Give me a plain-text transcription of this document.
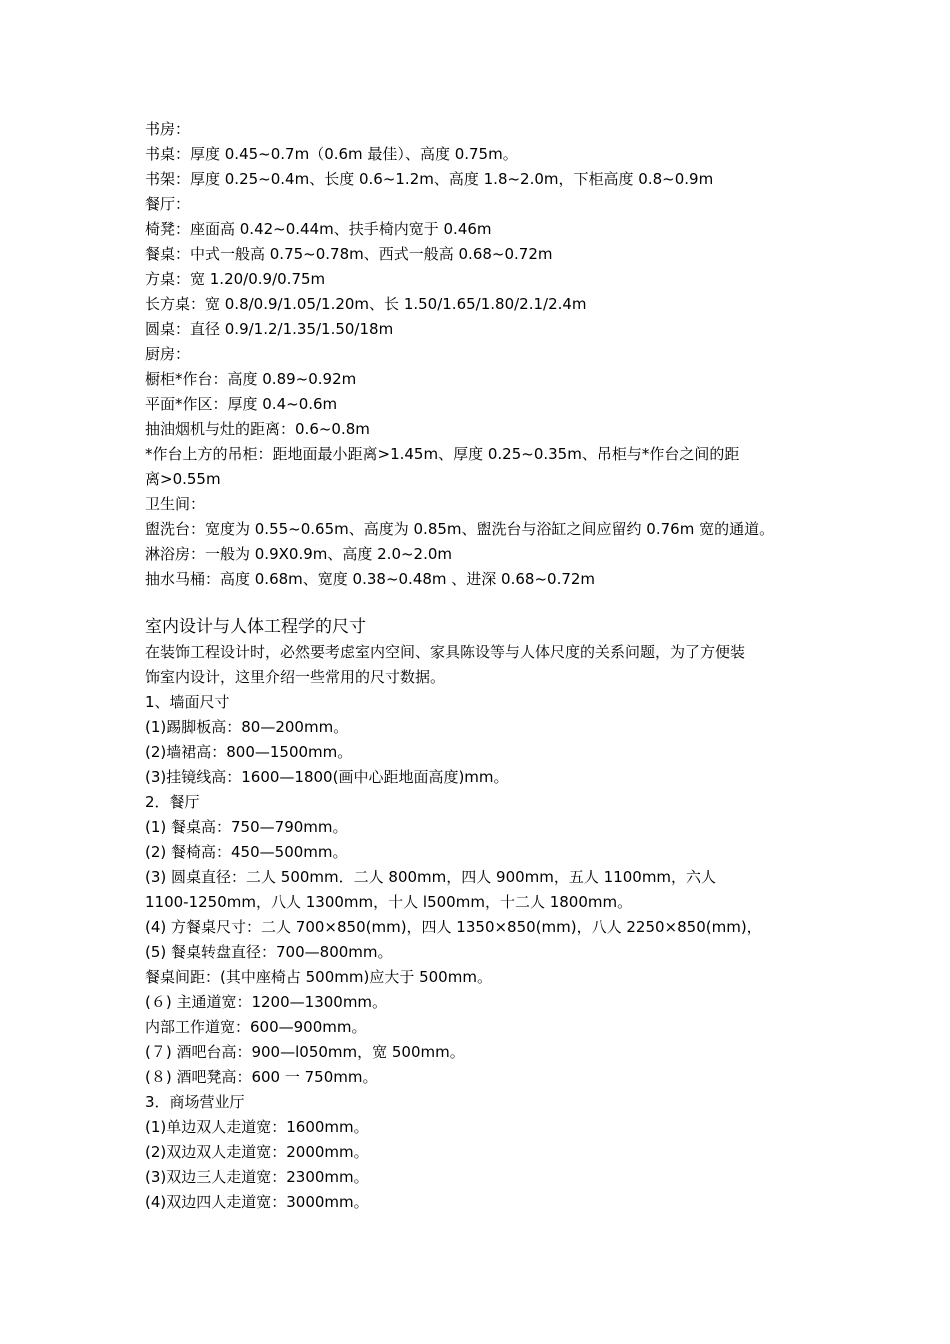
书房：
书桌：厚度 0.45~0.7m（0.6m 最佳）、高度 0.75m。
书架：厚度 0.25~0.4m、长度 0.6~1.2m、高度 1.8~2.0m，下柜高度 0.8~0.9m
餐厅：
椅凳：座面高 0.42~0.44m、扶手椅内宽于 0.46m
餐桌：中式一般高 0.75~0.78m、西式一般高 0.68~0.72m
方桌：宽 1.20/0.9/0.75m
长方桌：宽 0.8/0.9/1.05/1.20m、长 1.50/1.65/1.80/2.1/2.4m
圆桌：直径 0.9/1.2/1.35/1.50/18m
厨房：
橱柜*作台：高度 0.89~0.92m
平面*作区：厚度 0.4~0.6m
抽油烟机与灶的距离：0.6~0.8m
*作台上方的吊柜：距地面最小距离>1.45m、厚度 0.25~0.35m、吊柜与*作台之间的距
离>0.55m
卫生间：
盥洗台：宽度为 0.55~0.65m、高度为 0.85m、盥洗台与浴缸之间应留约 0.76m 宽的通道。
淋浴房：一般为 0.9X0.9m、高度 2.0~2.0m
抽水马桶：高度 0.68m、宽度 0.38~0.48m 、进深 0.68~0.72m
室内设计与人体工程学的尺寸
在装饰工程设计时，必然要考虑室内空间、家具陈设等与人体尺度的关系问题，为了方便装
饰室内设计，这里介绍一些常用的尺寸数据。
1、墙面尺寸
(1)踢脚板高：80—200mm。
(2)墙裙高：800—1500mm。
(3)挂镜线高：1600—1800(画中心距地面高度)mm。
2．餐厅
(1) 餐桌高：750—790mm。
(2) 餐椅高：450—500mm。
(3) 圆桌直径：二人 500mm．二人 800mm，四人 900mm，五人 1100mm，六人
1100-1250mm，八人 1300mm，十人 l500mm，十二人 1800mm。
(4) 方餐桌尺寸：二人 700×850(mm)，四人 1350×850(mm)，八人 2250×850(mm)，
(5) 餐桌转盘直径：700—800mm。
餐桌间距：(其中座椅占 500mm)应大于 500mm。
(６) 主通道宽：1200—1300mm。
内部工作道宽：600—900mm。
(７) 酒吧台高：900—l050mm，宽 500mm。
(８) 酒吧凳高：600 一 750mm。
3．商场营业厅
(1)单边双人走道宽：1600mm。
(2)双边双人走道宽：2000mm。
(3)双边三人走道宽：2300mm。
(4)双边四人走道宽：3000mm。
